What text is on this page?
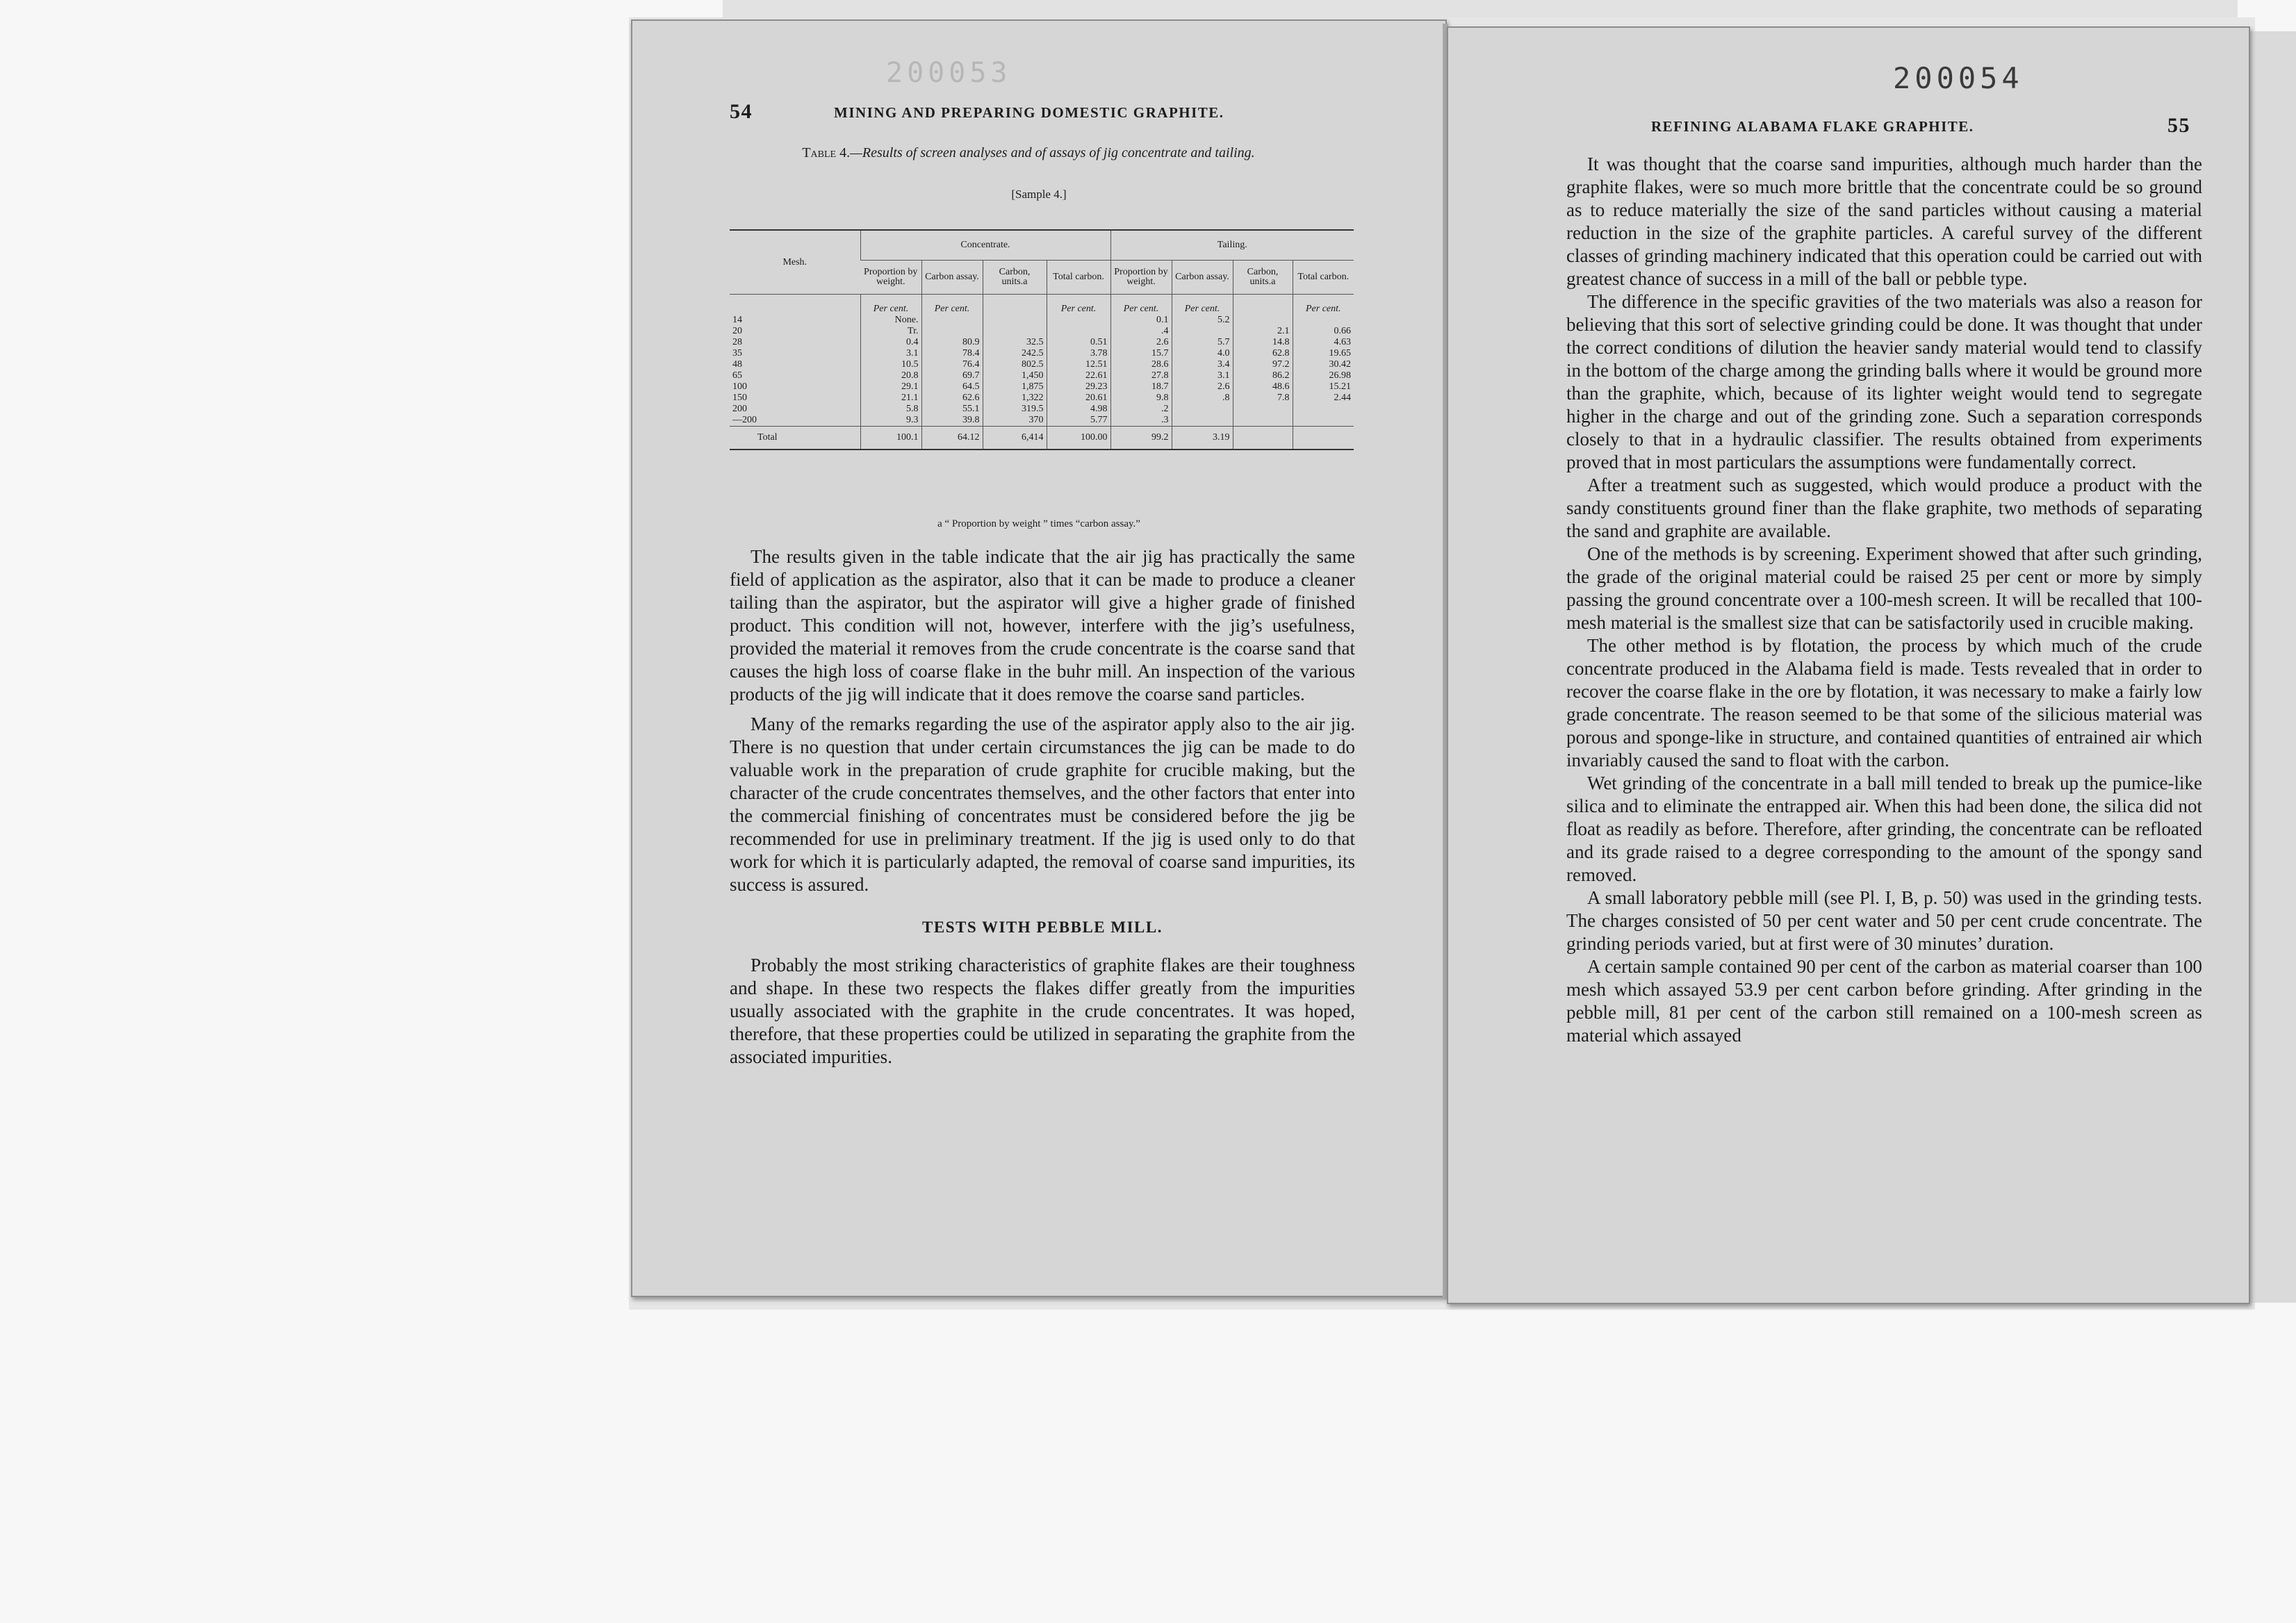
200053
54	MINING AND PREPARING DOMESTIC GRAPHITE.
Table 4.—Results of screen analyses and of assays of jig concentrate and tailing.
[Sample 4.]
Mesh.	Concentrate.				Tailing.			
	Proportion by weight.	Carbon assay.	Carbon, units.a	Total carbon.	Proportion by weight.	Carbon assay.	Carbon, units.a	Total carbon.
	Per cent.	Per cent.		Per cent.	Per cent.	Per cent.		Per cent.
14	None.				0.1	5.2		
20	Tr.				.4		2.1	0.66
28	0.4	80.9	32.5	0.51	2.6	5.7	14.8	4.63
35	3.1	78.4	242.5	3.78	15.7	4.0	62.8	19.65
48	10.5	76.4	802.5	12.51	28.6	3.4	97.2	30.42
65	20.8	69.7	1,450	22.61	27.8	3.1	86.2	26.98
100	29.1	64.5	1,875	29.23	18.7	2.6	48.6	15.21
150	21.1	62.6	1,322	20.61	9.8	.8	7.8	2.44
200	5.8	55.1	319.5	4.98	.2			
—200	9.3	39.8	370	5.77	.3			
Total	100.1	64.12	6,414	100.00	99.2	3.19		
a “ Proportion by weight ” times “carbon assay.”

The results given in the table indicate that the air jig has practically the same field of application as the aspirator, also that it can be made to produce a cleaner tailing than the aspirator, but the aspirator will give a higher grade of finished product. This condition will not, however, interfere with the jig’s usefulness, provided the material it removes from the crude concentrate is the coarse sand that causes the high loss of coarse flake in the buhr mill. An inspection of the various products of the jig will indicate that it does remove the coarse sand particles.

Many of the remarks regarding the use of the aspirator apply also to the air jig. There is no question that under certain circumstances the jig can be made to do valuable work in the preparation of crude graphite for crucible making, but the character of the crude concentrates themselves, and the other factors that enter into the commercial finishing of concentrates must be considered before the jig be recommended for use in preliminary treatment. If the jig is used only to do that work for which it is particularly adapted, the removal of coarse sand impurities, its success is assured.

TESTS WITH PEBBLE MILL.

Probably the most striking characteristics of graphite flakes are their toughness and shape. In these two respects the flakes differ greatly from the impurities usually associated with the graphite in the crude concentrates. It was hoped, therefore, that these properties could be utilized in separating the graphite from the associated impurities.

200054
REFINING ALABAMA FLAKE GRAPHITE.	55

It was thought that the coarse sand impurities, although much harder than the graphite flakes, were so much more brittle that the concentrate could be so ground as to reduce materially the size of the sand particles without causing a material reduction in the size of the graphite particles. A careful survey of the different classes of grinding machinery indicated that this operation could be carried out with greatest chance of success in a mill of the ball or pebble type.

The difference in the specific gravities of the two materials was also a reason for believing that this sort of selective grinding could be done. It was thought that under the correct conditions of dilution the heavier sandy material would tend to classify in the bottom of the charge among the grinding balls where it would be ground more than the graphite, which, because of its lighter weight would tend to segregate higher in the charge and out of the grinding zone. Such a separation corresponds closely to that in a hydraulic classifier. The results obtained from experiments proved that in most particulars the assumptions were fundamentally correct.

After a treatment such as suggested, which would produce a product with the sandy constituents ground finer than the flake graphite, two methods of separating the sand and graphite are available.

One of the methods is by screening. Experiment showed that after such grinding, the grade of the original material could be raised 25 per cent or more by simply passing the ground concentrate over a 100-mesh screen. It will be recalled that 100-mesh material is the smallest size that can be satisfactorily used in crucible making.

The other method is by flotation, the process by which much of the crude concentrate produced in the Alabama field is made. Tests revealed that in order to recover the coarse flake in the ore by flotation, it was necessary to make a fairly low grade concentrate. The reason seemed to be that some of the silicious material was porous and sponge-like in structure, and contained quantities of entrained air which invariably caused the sand to float with the carbon.

Wet grinding of the concentrate in a ball mill tended to break up the pumice-like silica and to eliminate the entrapped air. When this had been done, the silica did not float as readily as before. Therefore, after grinding, the concentrate can be refloated and its grade raised to a degree corresponding to the amount of the spongy sand removed.

A small laboratory pebble mill (see Pl. I, B, p. 50) was used in the grinding tests. The charges consisted of 50 per cent water and 50 per cent crude concentrate. The grinding periods varied, but at first were of 30 minutes’ duration.

A certain sample contained 90 per cent of the carbon as material coarser than 100 mesh which assayed 53.9 per cent carbon before grinding. After grinding in the pebble mill, 81 per cent of the carbon still remained on a 100-mesh screen as material which assayed
